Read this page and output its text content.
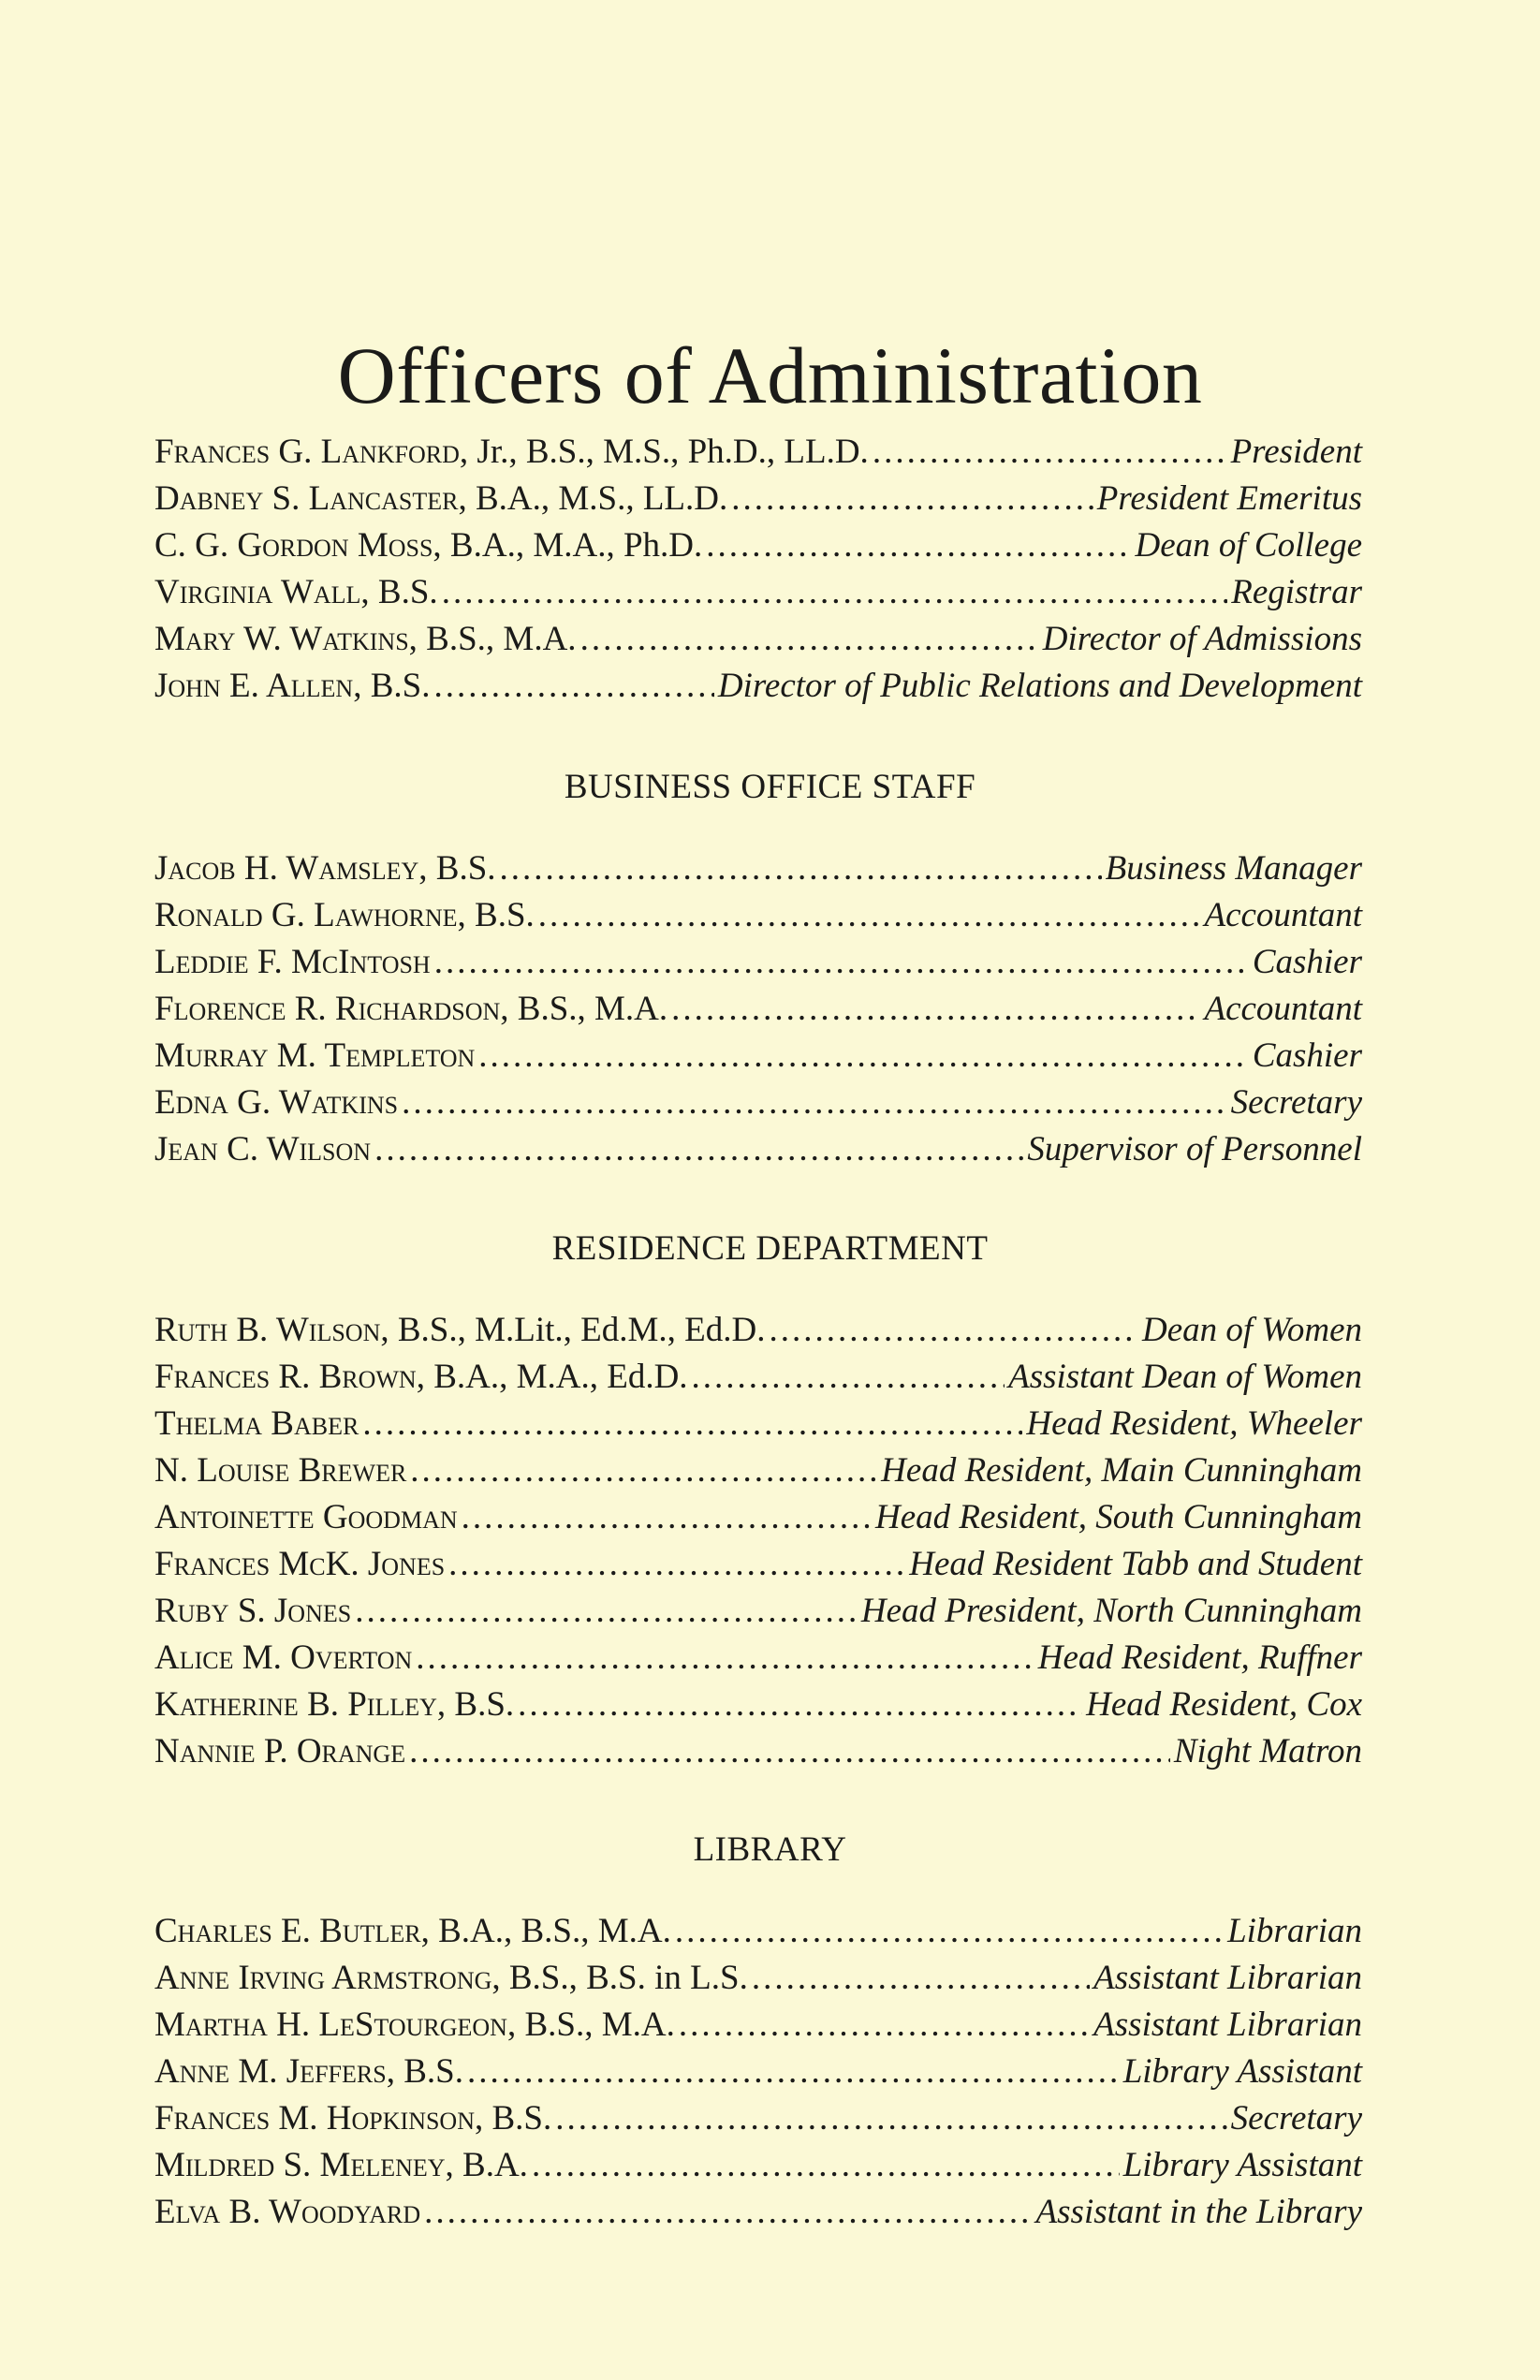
Officers of Administration
Frances G. Lankford, Jr., B.S., M.S., Ph.D., LL.D. .....	President
Dabney S. Lancaster, B.A., M.S., LL.D. .....	President Emeritus
C. G. Gordon Moss, B.A., M.A., Ph.D. .....	Dean of College
Virginia Wall, B.S. .....	Registrar
Mary W. Watkins, B.S., M.A. .....	Director of Admissions
John E. Allen, B.S. .....	Director of Public Relations and Development
BUSINESS OFFICE STAFF
Jacob H. Wamsley, B.S. .....	Business Manager
Ronald G. Lawhorne, B.S. .....	Accountant
Leddie F. McIntosh .....	Cashier
Florence R. Richardson, B.S., M.A. .....	Accountant
Murray M. Templeton .....	Cashier
Edna G. Watkins .....	Secretary
Jean C. Wilson .....	Supervisor of Personnel
RESIDENCE DEPARTMENT
Ruth B. Wilson, B.S., M.Lit., Ed.M., Ed.D. .....	Dean of Women
Frances R. Brown, B.A., M.A., Ed.D. .....	Assistant Dean of Women
Thelma Baber .....	Head Resident, Wheeler
N. Louise Brewer .....	Head Resident, Main Cunningham
Antoinette Goodman .....	Head Resident, South Cunningham
Frances McK. Jones .....	Head Resident Tabb and Student
Ruby S. Jones .....	Head President, North Cunningham
Alice M. Overton .....	Head Resident, Ruffner
Katherine B. Pilley, B.S. .....	Head Resident, Cox
Nannie P. Orange .....	Night Matron
LIBRARY
Charles E. Butler, B.A., B.S., M.A. .....	Librarian
Anne Irving Armstrong, B.S., B.S. in L.S. .....	Assistant Librarian
Martha H. LeStourgeon, B.S., M.A. .....	Assistant Librarian
Anne M. Jeffers, B.S. .....	Library Assistant
Frances M. Hopkinson, B.S. .....	Secretary
Mildred S. Meleney, B.A. .....	Library Assistant
Elva B. Woodyard .....	Assistant in the Library
